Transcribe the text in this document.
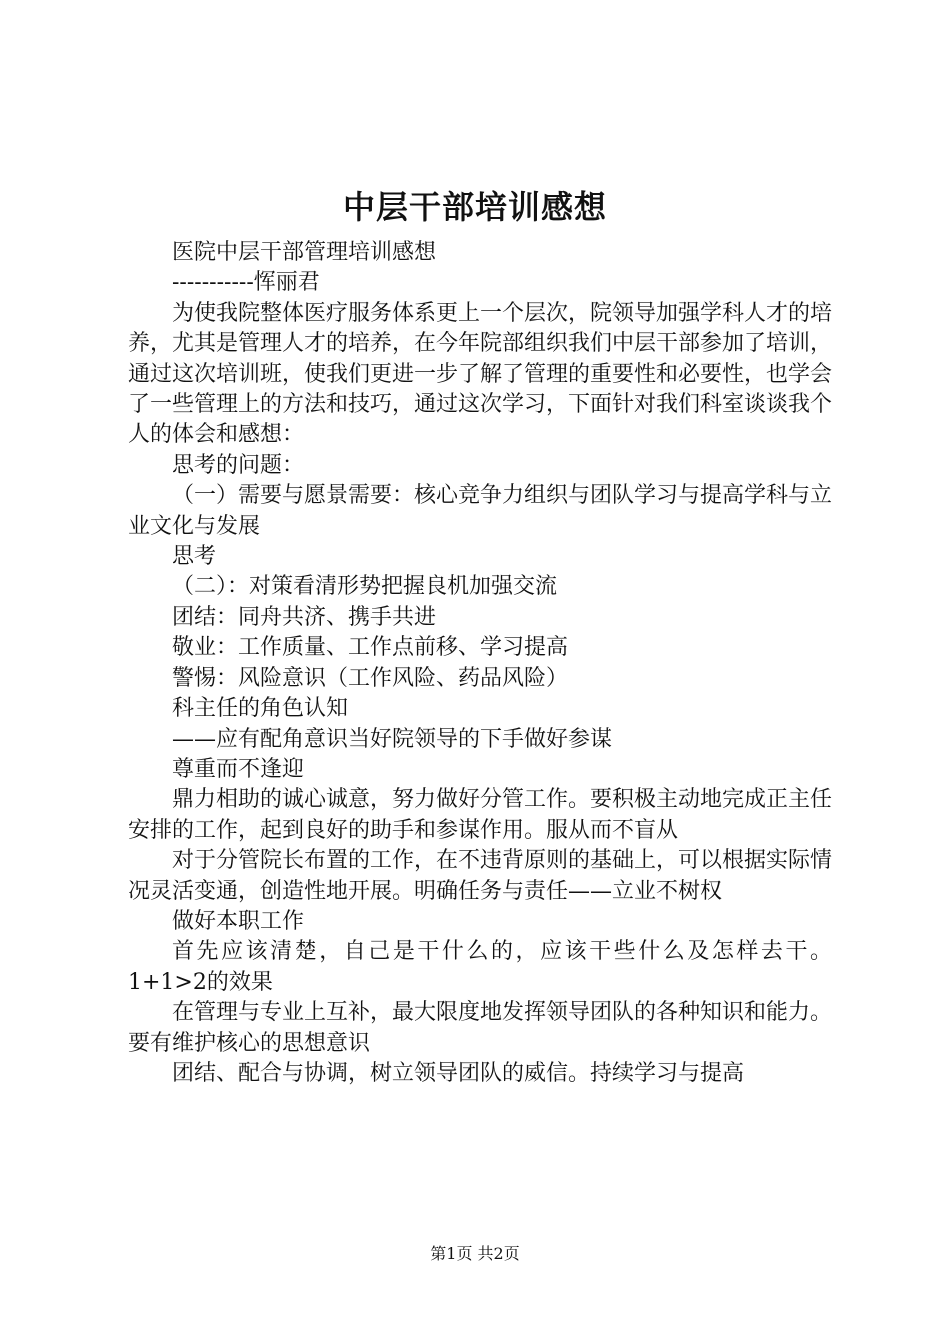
中层干部培训感想

医院中层干部管理培训感想

-----------恽丽君

为使我院整体医疗服务体系更上一个层次，院领导加强学科人才的培养，尤其是管理人才的培养，在今年院部组织我们中层干部参加了培训，通过这次培训班，使我们更进一步了解了管理的重要性和必要性，也学会了一些管理上的方法和技巧，通过这次学习，下面针对我们科室谈谈我个人的体会和感想：

思考的问题：

（一）需要与愿景需要：核心竞争力组织与团队学习与提高学科与立业文化与发展

思考

（二）：对策看清形势把握良机加强交流

团结：同舟共济、携手共进

敬业：工作质量、工作点前移、学习提高

警惕：风险意识（工作风险、药品风险）

科主任的角色认知

——应有配角意识当好院领导的下手做好参谋

尊重而不逢迎

鼎力相助的诚心诚意，努力做好分管工作。要积极主动地完成正主任安排的工作，起到良好的助手和参谋作用。服从而不盲从

对于分管院长布置的工作，在不违背原则的基础上，可以根据实际情况灵活变通，创造性地开展。明确任务与责任——立业不树权

做好本职工作

首先应该清楚，自己是干什么的，应该干些什么及怎样去干。1+1>2的效果

在管理与专业上互补，最大限度地发挥领导团队的各种知识和能力。要有维护核心的思想意识

团结、配合与协调，树立领导团队的威信。持续学习与提高

第1页 共2页
